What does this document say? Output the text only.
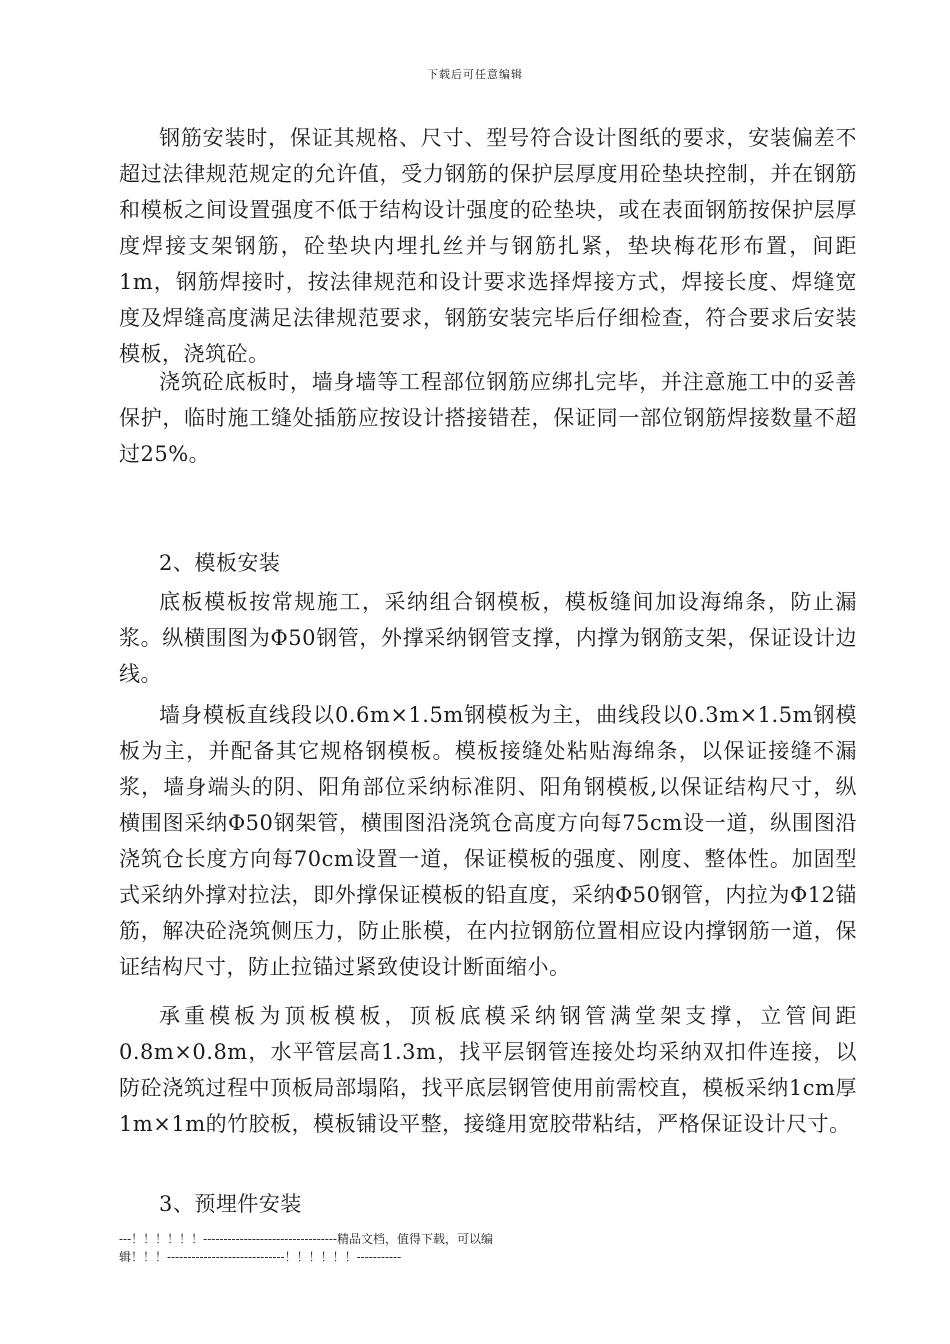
下载后可任意编辑

钢筋安装时，保证其规格、尺寸、型号符合设计图纸的要求，安装偏差不超过法律规范规定的允许值，受力钢筋的保护层厚度用砼垫块控制，并在钢筋和模板之间设置强度不低于结构设计强度的砼垫块，或在表面钢筋按保护层厚度焊接支架钢筋，砼垫块内埋扎丝并与钢筋扎紧，垫块梅花形布置，间距1m，钢筋焊接时，按法律规范和设计要求选择焊接方式，焊接长度、焊缝宽度及焊缝高度满足法律规范要求，钢筋安装完毕后仔细检查，符合要求后安装模板，浇筑砼。

浇筑砼底板时，墙身墙等工程部位钢筋应绑扎完毕，并注意施工中的妥善保护，临时施工缝处插筋应按设计搭接错茬，保证同一部位钢筋焊接数量不超过25%。

2、模板安装

底板模板按常规施工，采纳组合钢模板，模板缝间加设海绵条，防止漏浆。纵横围图为Φ50钢管，外撑采纳钢管支撑，内撑为钢筋支架，保证设计边线。

墙身模板直线段以0.6m×1.5m钢模板为主，曲线段以0.3m×1.5m钢模板为主，并配备其它规格钢模板。模板接缝处粘贴海绵条，以保证接缝不漏浆，墙身端头的阴、阳角部位采纳标准阴、阳角钢模板,以保证结构尺寸，纵横围图采纳Φ50钢架管，横围图沿浇筑仓高度方向每75cm设一道，纵围图沿浇筑仓长度方向每70cm设置一道，保证模板的强度、刚度、整体性。加固型式采纳外撑对拉法，即外撑保证模板的铅直度，采纳Φ50钢管，内拉为Φ12锚筋，解决砼浇筑侧压力，防止胀模，在内拉钢筋位置相应设内撑钢筋一道，保证结构尺寸，防止拉锚过紧致使设计断面缩小。

承重模板为顶板模板，顶板底模采纳钢管满堂架支撑，立管间距0.8m×0.8m，水平管层高1.3m，找平层钢管连接处均采纳双扣件连接，以防砼浇筑过程中顶板局部塌陷，找平底层钢管使用前需校直，模板采纳1cm厚1m×1m的竹胶板，模板铺设平整，接缝用宽胶带粘结，严格保证设计尺寸。

3、预埋件安装

---！！！！！！---------------------------------精品文档，值得下载，可以编
辑！！！-----------------------------！！！！！！-----------
